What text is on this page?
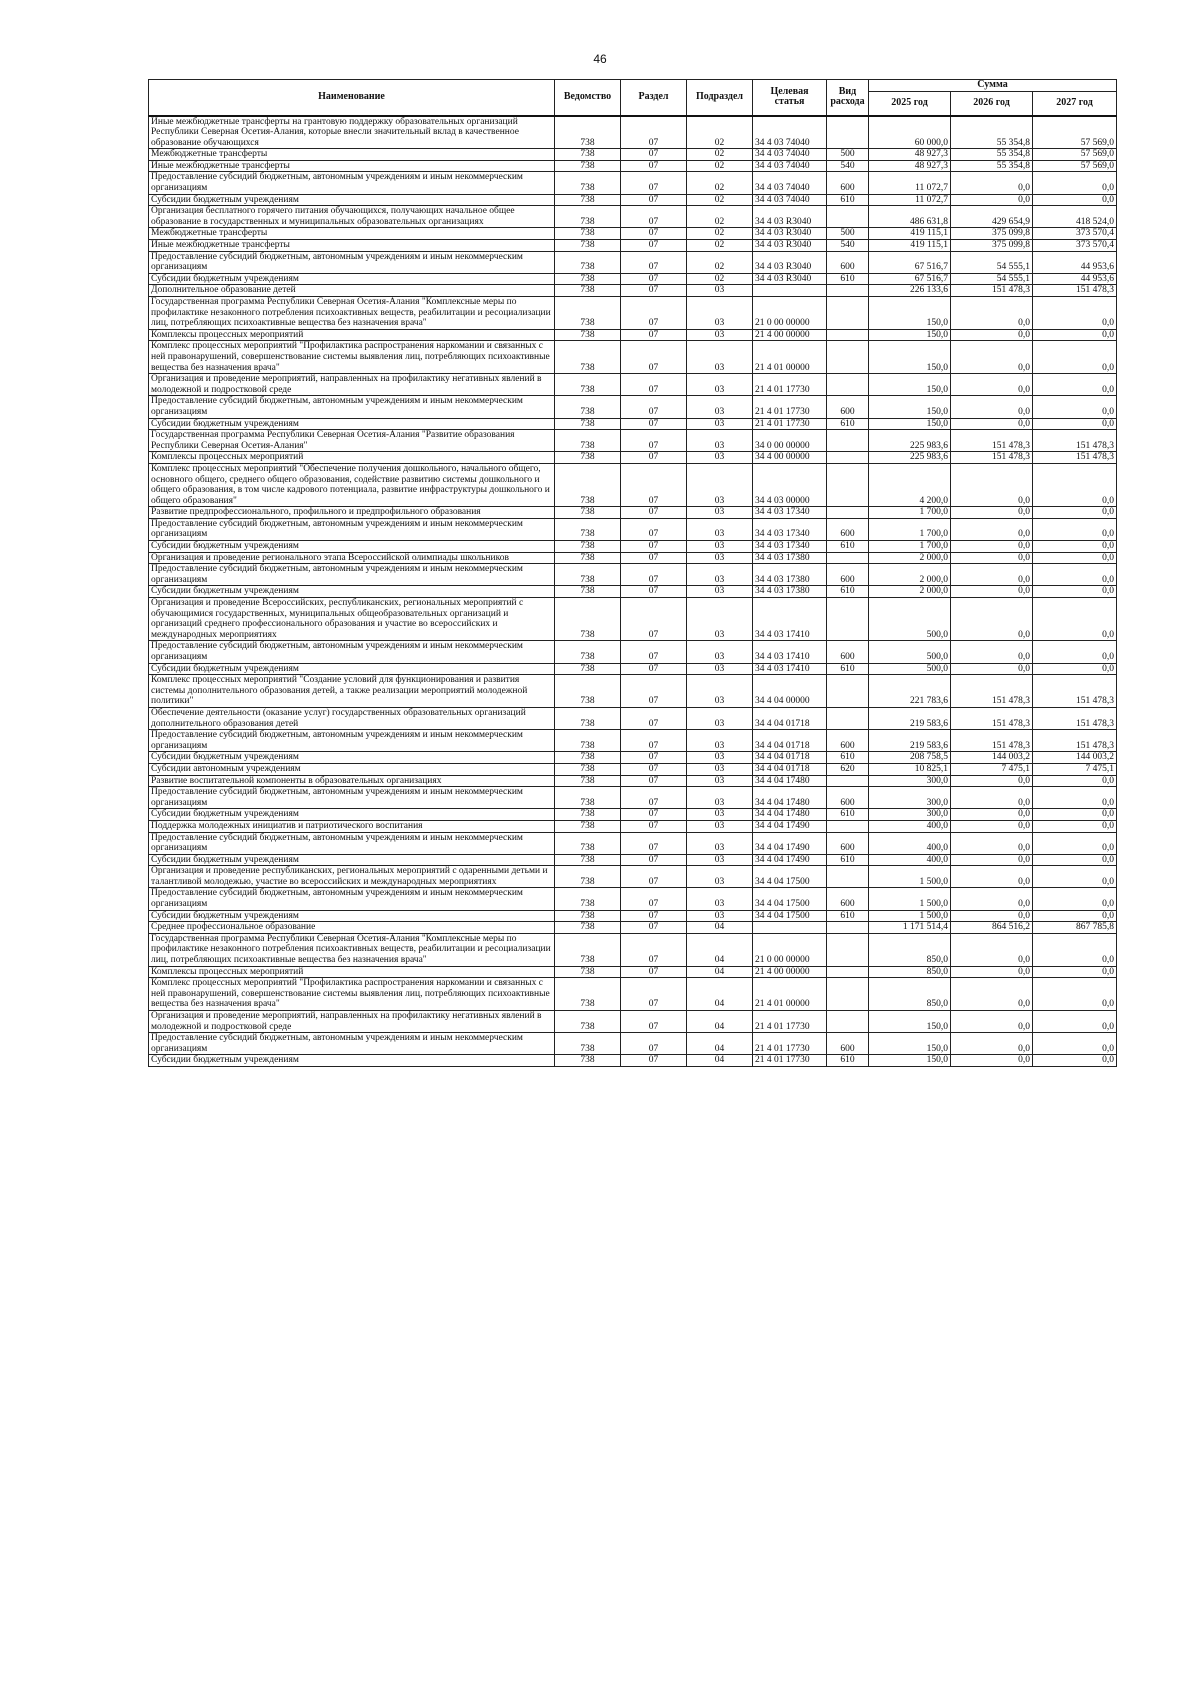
46
Наименование	Ведомство	Раздел	Подраздел	Целевая статья	Вид расхода	Сумма		
						2025 год	2026 год	2027 год
Иные межбюджетные трансферты на грантовую поддержку образовательных организаций Республики Северная Осетия-Алания, которые внесли значительный вклад в качественное образование обучающихся	738	07	02	34 4 03 74040		60 000,0	55 354,8	57 569,0
Межбюджетные трансферты	738	07	02	34 4 03 74040	500	48 927,3	55 354,8	57 569,0
Иные межбюджетные трансферты	738	07	02	34 4 03 74040	540	48 927,3	55 354,8	57 569,0
Предоставление субсидий бюджетным, автономным учреждениям и иным некоммерческим организациям	738	07	02	34 4 03 74040	600	11 072,7	0,0	0,0
Субсидии бюджетным учреждениям	738	07	02	34 4 03 74040	610	11 072,7	0,0	0,0
Организация бесплатного горячего питания обучающихся, получающих начальное общее образование в государственных и муниципальных образовательных организациях	738	07	02	34 4 03 R3040		486 631,8	429 654,9	418 524,0
Межбюджетные трансферты	738	07	02	34 4 03 R3040	500	419 115,1	375 099,8	373 570,4
Иные межбюджетные трансферты	738	07	02	34 4 03 R3040	540	419 115,1	375 099,8	373 570,4
Предоставление субсидий бюджетным, автономным учреждениям и иным некоммерческим организациям	738	07	02	34 4 03 R3040	600	67 516,7	54 555,1	44 953,6
Субсидии бюджетным учреждениям	738	07	02	34 4 03 R3040	610	67 516,7	54 555,1	44 953,6
Дополнительное образование детей	738	07	03			226 133,6	151 478,3	151 478,3
Государственная программа Республики Северная Осетия-Алания "Комплексные меры по профилактике незаконного потребления психоактивных веществ, реабилитации и ресоциализации лиц, потребляющих психоактивные вещества без назначения врача"	738	07	03	21 0 00 00000		150,0	0,0	0,0
Комплексы процессных мероприятий	738	07	03	21 4 00 00000		150,0	0,0	0,0
Комплекс процессных мероприятий "Профилактика распространения наркомании и связанных с ней правонарушений, совершенствование системы выявления лиц, потребляющих психоактивные вещества без назначения врача"	738	07	03	21 4 01 00000		150,0	0,0	0,0
Организация и проведение мероприятий, направленных на профилактику негативных явлений в молодежной и подростковой среде	738	07	03	21 4 01 17730		150,0	0,0	0,0
Предоставление субсидий бюджетным, автономным учреждениям и иным некоммерческим организациям	738	07	03	21 4 01 17730	600	150,0	0,0	0,0
Субсидии бюджетным учреждениям	738	07	03	21 4 01 17730	610	150,0	0,0	0,0
Государственная программа Республики Северная Осетия-Алания "Развитие образования Республики Северная Осетия-Алания"	738	07	03	34 0 00 00000		225 983,6	151 478,3	151 478,3
Комплексы процессных мероприятий	738	07	03	34 4 00 00000		225 983,6	151 478,3	151 478,3
Комплекс процессных мероприятий "Обеспечение получения дошкольного, начального общего, основного общего, среднего общего образования, содействие развитию системы дошкольного и общего образования, в том числе кадрового потенциала, развитие инфраструктуры дошкольного и общего образования"	738	07	03	34 4 03 00000		4 200,0	0,0	0,0
Развитие предпрофессионального, профильного и предпрофильного образования	738	07	03	34 4 03 17340		1 700,0	0,0	0,0
Предоставление субсидий бюджетным, автономным учреждениям и иным некоммерческим организациям	738	07	03	34 4 03 17340	600	1 700,0	0,0	0,0
Субсидии бюджетным учреждениям	738	07	03	34 4 03 17340	610	1 700,0	0,0	0,0
Организация и проведение регионального этапа Всероссийской олимпиады школьников	738	07	03	34 4 03 17380		2 000,0	0,0	0,0
Предоставление субсидий бюджетным, автономным учреждениям и иным некоммерческим организациям	738	07	03	34 4 03 17380	600	2 000,0	0,0	0,0
Субсидии бюджетным учреждениям	738	07	03	34 4 03 17380	610	2 000,0	0,0	0,0
Организация и проведение Всероссийских, республиканских, региональных мероприятий с обучающимися государственных, муниципальных общеобразовательных организаций и организаций среднего профессионального образования и участие во всероссийских и международных мероприятиях	738	07	03	34 4 03 17410		500,0	0,0	0,0
Предоставление субсидий бюджетным, автономным учреждениям и иным некоммерческим организациям	738	07	03	34 4 03 17410	600	500,0	0,0	0,0
Субсидии бюджетным учреждениям	738	07	03	34 4 03 17410	610	500,0	0,0	0,0
Комплекс процессных мероприятий "Создание условий для функционирования и развития системы дополнительного образования детей, а также реализации мероприятий молодежной политики"	738	07	03	34 4 04 00000		221 783,6	151 478,3	151 478,3
Обеспечение деятельности (оказание услуг) государственных образовательных организаций дополнительного образования детей	738	07	03	34 4 04 01718		219 583,6	151 478,3	151 478,3
Предоставление субсидий бюджетным, автономным учреждениям и иным некоммерческим организациям	738	07	03	34 4 04 01718	600	219 583,6	151 478,3	151 478,3
Субсидии бюджетным учреждениям	738	07	03	34 4 04 01718	610	208 758,5	144 003,2	144 003,2
Субсидии автономным учреждениям	738	07	03	34 4 04 01718	620	10 825,1	7 475,1	7 475,1
Развитие воспитательной компоненты в образовательных организациях	738	07	03	34 4 04 17480		300,0	0,0	0,0
Предоставление субсидий бюджетным, автономным учреждениям и иным некоммерческим организациям	738	07	03	34 4 04 17480	600	300,0	0,0	0,0
Субсидии бюджетным учреждениям	738	07	03	34 4 04 17480	610	300,0	0,0	0,0
Поддержка молодежных инициатив и патриотического воспитания	738	07	03	34 4 04 17490		400,0	0,0	0,0
Предоставление субсидий бюджетным, автономным учреждениям и иным некоммерческим организациям	738	07	03	34 4 04 17490	600	400,0	0,0	0,0
Субсидии бюджетным учреждениям	738	07	03	34 4 04 17490	610	400,0	0,0	0,0
Организация и проведение республиканских, региональных мероприятий с одаренными детьми и талантливой молодежью, участие во всероссийских и международных мероприятиях	738	07	03	34 4 04 17500		1 500,0	0,0	0,0
Предоставление субсидий бюджетным, автономным учреждениям и иным некоммерческим организациям	738	07	03	34 4 04 17500	600	1 500,0	0,0	0,0
Субсидии бюджетным учреждениям	738	07	03	34 4 04 17500	610	1 500,0	0,0	0,0
Среднее профессиональное образование	738	07	04			1 171 514,4	864 516,2	867 785,8
Государственная программа Республики Северная Осетия-Алания "Комплексные меры по профилактике незаконного потребления психоактивных веществ, реабилитации и ресоциализации лиц, потребляющих психоактивные вещества без назначения врача"	738	07	04	21 0 00 00000		850,0	0,0	0,0
Комплексы процессных мероприятий	738	07	04	21 4 00 00000		850,0	0,0	0,0
Комплекс процессных мероприятий "Профилактика распространения наркомании и связанных с ней правонарушений, совершенствование системы выявления лиц, потребляющих психоактивные вещества без назначения врача"	738	07	04	21 4 01 00000		850,0	0,0	0,0
Организация и проведение мероприятий, направленных на профилактику негативных явлений в молодежной и подростковой среде	738	07	04	21 4 01 17730		150,0	0,0	0,0
Предоставление субсидий бюджетным, автономным учреждениям и иным некоммерческим организациям	738	07	04	21 4 01 17730	600	150,0	0,0	0,0
Субсидии бюджетным учреждениям	738	07	04	21 4 01 17730	610	150,0	0,0	0,0
